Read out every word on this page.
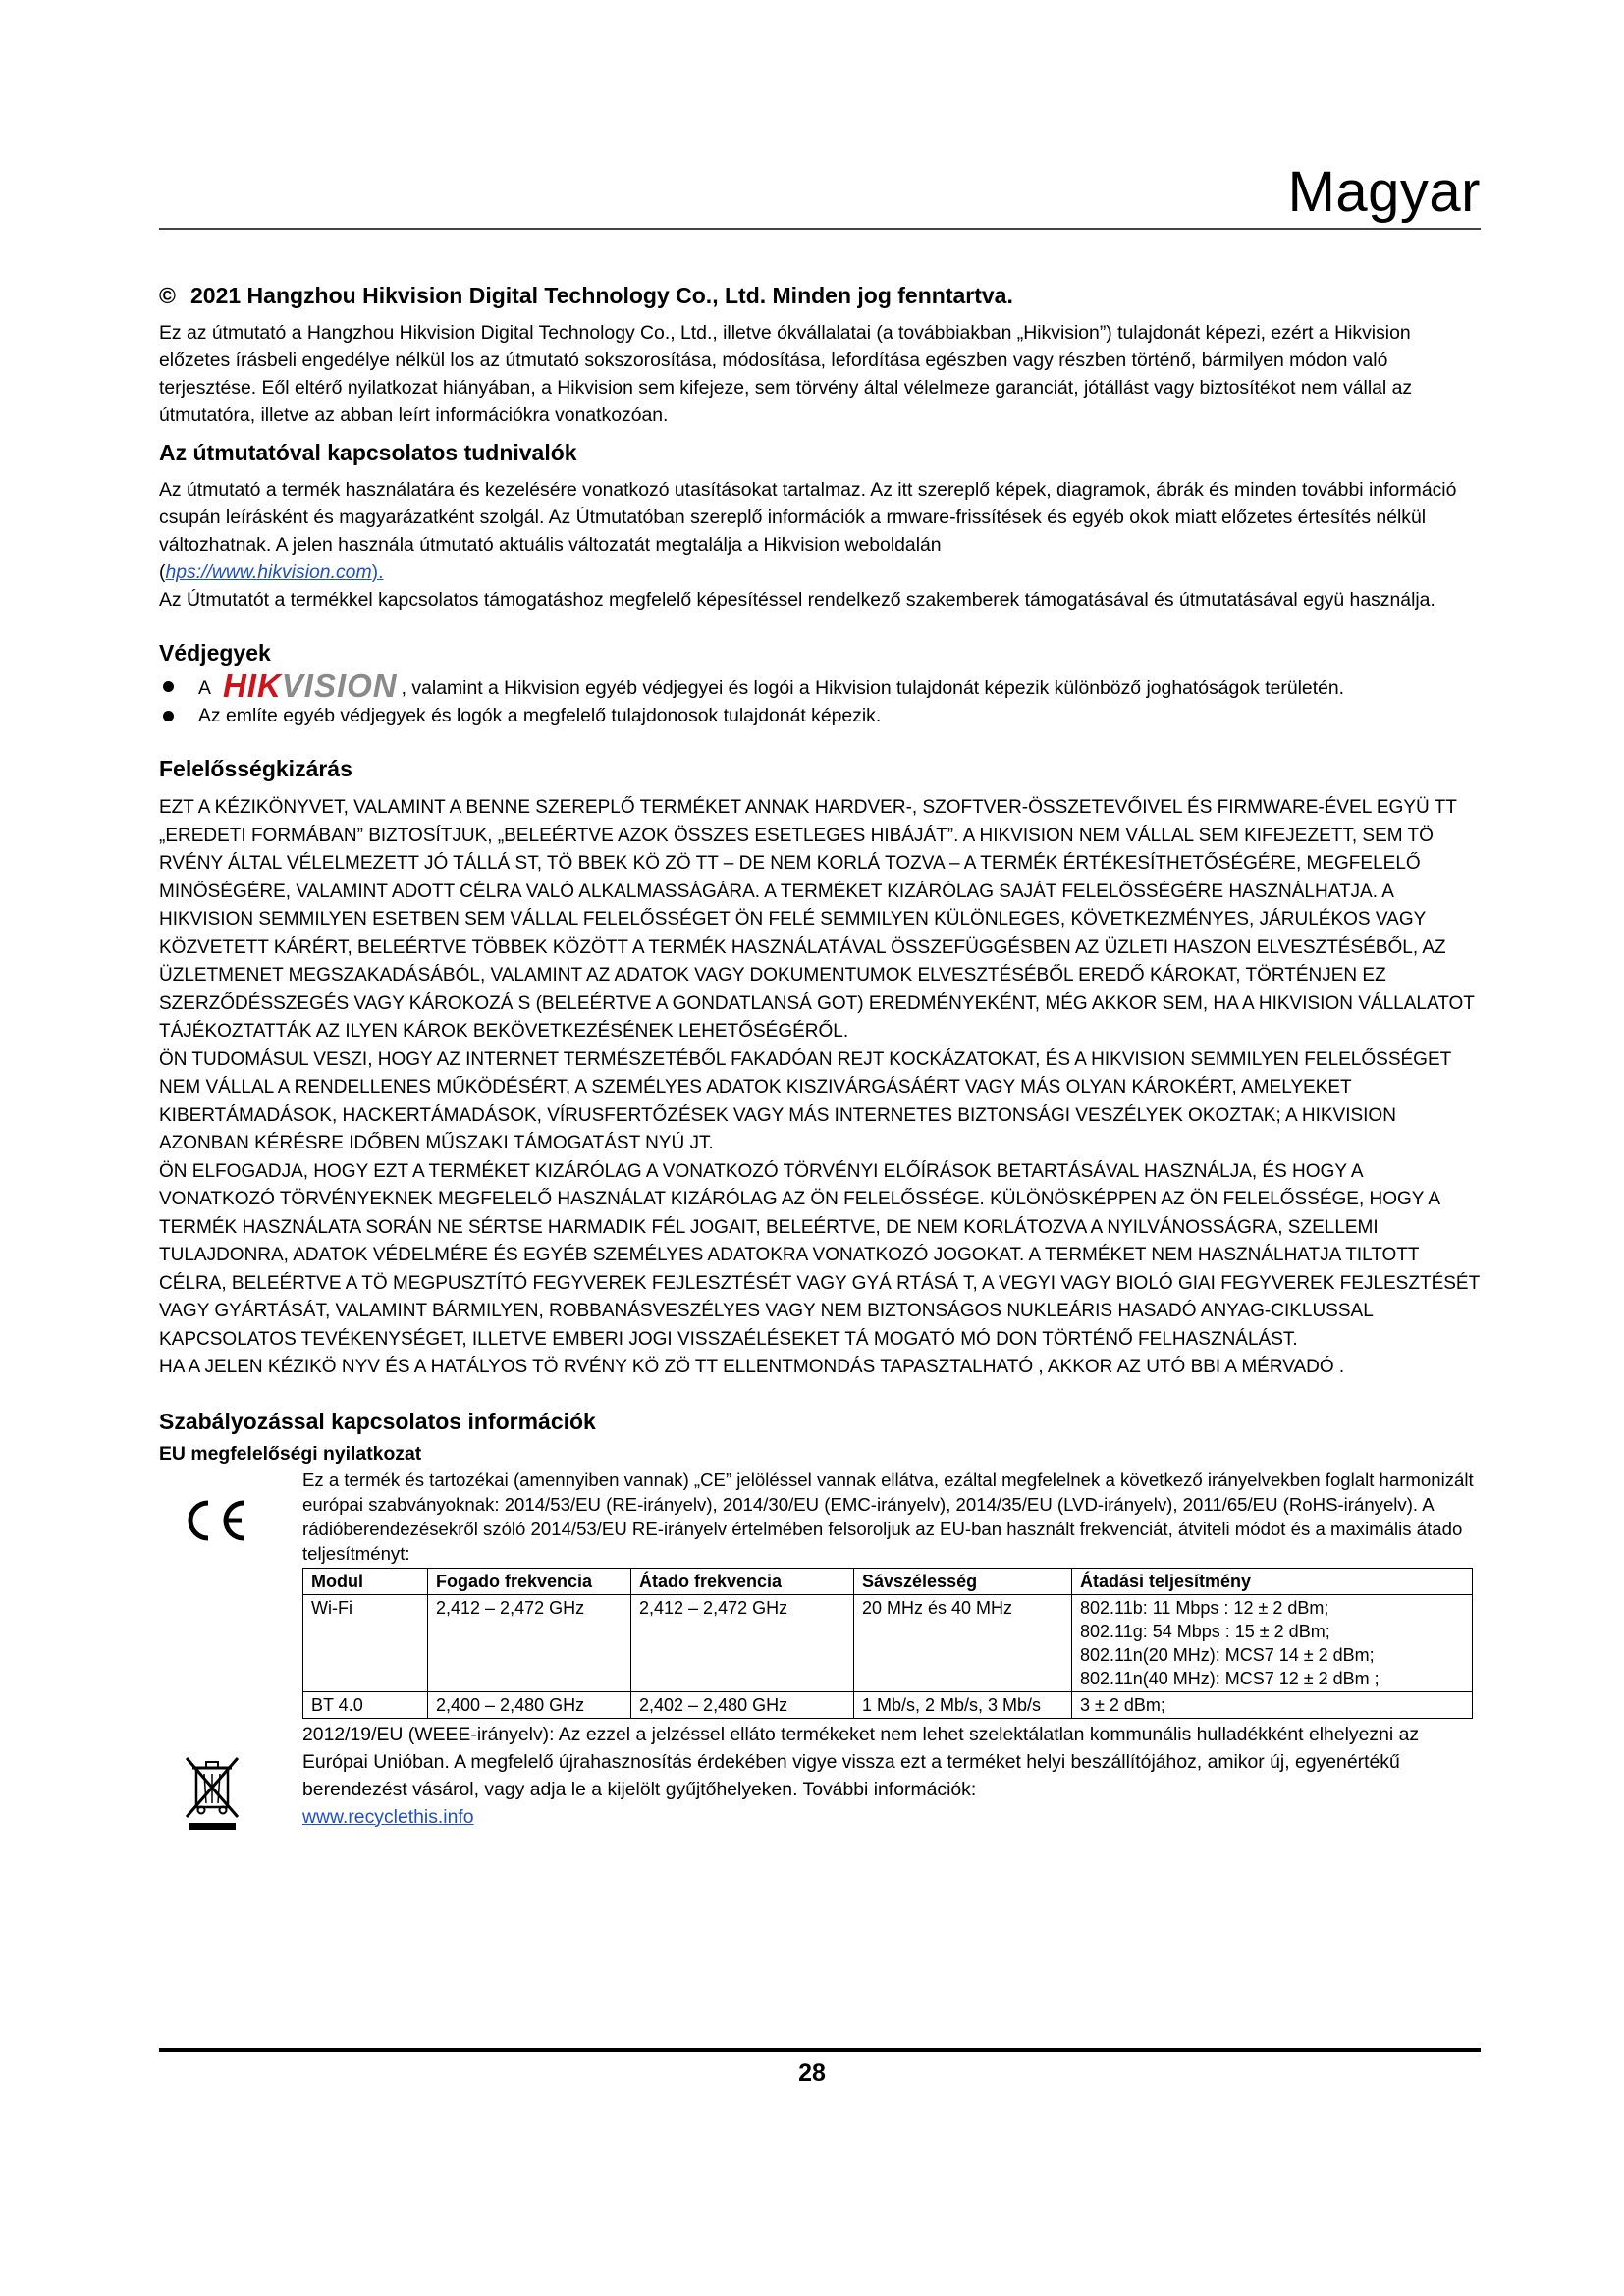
Magyar
© 2021 Hangzhou Hikvision Digital Technology Co., Ltd. Minden jog fenntartva.

Ez az útmutató a Hangzhou Hikvision Digital Technology Co., Ltd., illetve ókvállalatai (a továbbiakban „Hikvision”) tulajdonát képezi, ezért a Hikvision előzetes írásbeli engedélye nélkül los az útmutató sokszorosítása, módosítása, lefordítása egészben vagy részben történő, bármilyen módon való terjesztése. Eől eltérő nyilatkozat hiányában, a Hikvision sem kifejeze, sem törvény által vélelmeze garanciát, jótállást vagy biztosítékot nem vállal az útmutatóra, illetve az abban leírt információkra vonatkozóan.

Az útmutatóval kapcsolatos tudnivalók

Az útmutató a termék használatára és kezelésére vonatkozó utasításokat tartalmaz. Az itt szereplő képek, diagramok, ábrák és minden további információ csupán leírásként és magyarázatként szolgál. Az Útmutatóban szereplő információk a rmware-frissítések és egyéb okok miatt előzetes értesítés nélkül változhatnak. A jelen használa útmutató aktuális változatát megtalálja a Hikvision weboldalán
(hps://www.hikvision.com).

Az Útmutatót a termékkel kapcsolatos támogatáshoz megfelelő képesítéssel rendelkező szakemberek támogatásával és útmutatásával együ használja.

Védjegyek
A HIKVISION , valamint a Hikvision egyéb védjegyei és logói a Hikvision tulajdonát képezik különböző joghatóságok területén.
Az említe egyéb védjegyek és logók a megfelelő tulajdonosok tulajdonát képezik.
Felelősségkizárás

EZT A KÉZIKÖNYVET, VALAMINT A BENNE SZEREPLŐ TERMÉKET ANNAK HARDVER-, SZOFTVER-ÖSSZETEVŐIVEL ÉS FIRMWARE-ÉVEL EGYÜ TT „EREDETI FORMÁBAN” BIZTOSÍTJUK, „BELEÉRTVE AZOK ÖSSZES ESETLEGES HIBÁJÁT”. A HIKVISION NEM VÁLLAL SEM KIFEJEZETT, SEM TÖ RVÉNY ÁLTAL VÉLELMEZETT JÓ TÁLLÁ ST, TÖ BBEK KÖ ZÖ TT – DE NEM KORLÁ TOZVA – A TERMÉK ÉRTÉKESÍTHETŐSÉGÉRE, MEGFELELŐ MINŐSÉGÉRE, VALAMINT ADOTT CÉLRA VALÓ ALKALMASSÁGÁRA. A TERMÉKET KIZÁRÓLAG SAJÁT FELELŐSSÉGÉRE HASZNÁLHATJA. A HIKVISION SEMMILYEN ESETBEN SEM VÁLLAL FELELŐSSÉGET ÖN FELÉ SEMMILYEN KÜLÖNLEGES, KÖVETKEZMÉNYES, JÁRULÉKOS VAGY KÖZVETETT KÁRÉRT, BELEÉRTVE TÖBBEK KÖZÖTT A TERMÉK HASZNÁLATÁVAL ÖSSZEFÜGGÉSBEN AZ ÜZLETI HASZON ELVESZTÉSÉBŐL, AZ ÜZLETMENET MEGSZAKADÁSÁBÓL, VALAMINT AZ ADATOK VAGY DOKUMENTUMOK ELVESZTÉSÉBŐL EREDŐ KÁROKAT, TÖRTÉNJEN EZ SZERZŐDÉSSZEGÉS VAGY KÁROKOZÁ S (BELEÉRTVE A GONDATLANSÁ GOT) EREDMÉNYEKÉNT, MÉG AKKOR SEM, HA A HIKVISION VÁLLALATOT TÁJÉKOZTATTÁK AZ ILYEN KÁROK BEKÖVETKEZÉSÉNEK LEHETŐSÉGÉRŐL.

ÖN TUDOMÁSUL VESZI, HOGY AZ INTERNET TERMÉSZETÉBŐL FAKADÓAN REJT KOCKÁZATOKAT, ÉS A HIKVISION SEMMILYEN FELELŐSSÉGET NEM VÁLLAL A RENDELLENES MŰKÖDÉSÉRT, A SZEMÉLYES ADATOK KISZIVÁRGÁSÁÉRT VAGY MÁS OLYAN KÁROKÉRT, AMELYEKET KIBERTÁMADÁSOK, HACKERTÁMADÁSOK, VÍRUSFERTŐZÉSEK VAGY MÁS INTERNETES BIZTONSÁGI VESZÉLYEK OKOZTAK; A HIKVISION AZONBAN KÉRÉSRE IDŐBEN MŰSZAKI TÁMOGATÁST NYÚ JT.

ÖN ELFOGADJA, HOGY EZT A TERMÉKET KIZÁRÓLAG A VONATKOZÓ TÖRVÉNYI ELŐÍRÁSOK BETARTÁSÁVAL HASZNÁLJA, ÉS HOGY A VONATKOZÓ TÖRVÉNYEKNEK MEGFELELŐ HASZNÁLAT KIZÁRÓLAG AZ ÖN FELELŐSSÉGE. KÜLÖNÖSKÉPPEN AZ ÖN FELELŐSSÉGE, HOGY A TERMÉK HASZNÁLATA SORÁN NE SÉRTSE HARMADIK FÉL JOGAIT, BELEÉRTVE, DE NEM KORLÁTOZVA A NYILVÁNOSSÁGRA, SZELLEMI TULAJDONRA, ADATOK VÉDELMÉRE ÉS EGYÉB SZEMÉLYES ADATOKRA VONATKOZÓ JOGOKAT. A TERMÉKET NEM HASZNÁLHATJA TILTOTT CÉLRA, BELEÉRTVE A TÖ MEGPUSZTÍTÓ FEGYVEREK FEJLESZTÉSÉT VAGY GYÁ RTÁSÁ T, A VEGYI VAGY BIOLÓ GIAI FEGYVEREK FEJLESZTÉSÉT VAGY GYÁRTÁSÁT, VALAMINT BÁRMILYEN, ROBBANÁSVESZÉLYES VAGY NEM BIZTONSÁGOS NUKLEÁRIS HASADÓ ANYAG-CIKLUSSAL KAPCSOLATOS TEVÉKENYSÉGET, ILLETVE EMBERI JOGI VISSZAÉLÉSEKET TÁ MOGATÓ MÓ DON TÖRTÉNŐ FELHASZNÁLÁST.

HA A JELEN KÉZIKÖ NYV ÉS A HATÁLYOS TÖ RVÉNY KÖ ZÖ TT ELLENTMONDÁS TAPASZTALHATÓ , AKKOR AZ UTÓ BBI A MÉRVADÓ .

Szabályozással kapcsolatos információk
EU megfelelőségi nyilatkozat

Ez a termék és tartozékai (amennyiben vannak) „CE” jelöléssel vannak ellátva, ezáltal megfelelnek a következő irányelvekben foglalt harmonizált európai szabványoknak: 2014/53/EU (RE-irányelv), 2014/30/EU (EMC-irányelv), 2014/35/EU (LVD-irányelv), 2011/65/EU (RoHS-irányelv). A rádióberendezésekről szóló 2014/53/EU RE-irányelv értelmében felsoroljuk az EU-ban használt frekvenciát, átviteli módot és a maximális átado teljesítményt:

Modul	Fogado frekvencia	Átado frekvencia	Sávszélesség	Átadási teljesítmény
Wi-Fi	2,412 – 2,472 GHz	2,412 – 2,472 GHz	20 MHz és 40 MHz	802.11b: 11 Mbps : 12 ± 2 dBm;
802.11g: 54 Mbps : 15 ± 2 dBm;
802.11n(20 MHz): MCS7 14 ± 2 dBm;
802.11n(40 MHz): MCS7 12 ± 2 dBm ;

BT 4.0	2,400 – 2,480 GHz	2,402 – 2,480 GHz	1 Mb/s, 2 Mb/s, 3 Mb/s	3 ± 2 dBm;

2012/19/EU (WEEE-irányelv): Az ezzel a jelzéssel ellátо termékeket nem lehet szelektálatlan kommunális hulladékként elhelyezni az Európai Unióban. A megfelelő újrahasznosítás érdekében vigye vissza ezt a terméket helyi beszállítójához, amikor új, egyenértékű berendezést vásárol, vagy adja le a kijelölt gyűjtőhelyeken. További információk:
www.recyclethis.info

28
